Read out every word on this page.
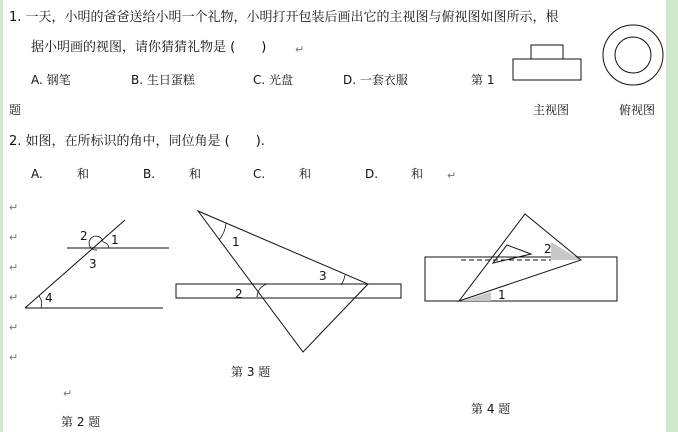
1. 一天，小明的爸爸送给小明一个礼物，小明打开包装后画出它的主视图与俯视图如图所示，根
据小明画的视图，请你猜猜礼物是 (　　)
A. 钢笔	B. 生日蛋糕	C. 光盘	D. 一套衣服	第 1
题	主视图	俯视图
2. 如图，在所标识的角中，同位角是 (　　).
A.	和	B.	和	C.	和	D.	和
↵
↵
↵
↵
↵
↵
↵
↵
↵
1
2
3
4
第 2 题
1
2
3
第 3 题
2
1
第 4 题
